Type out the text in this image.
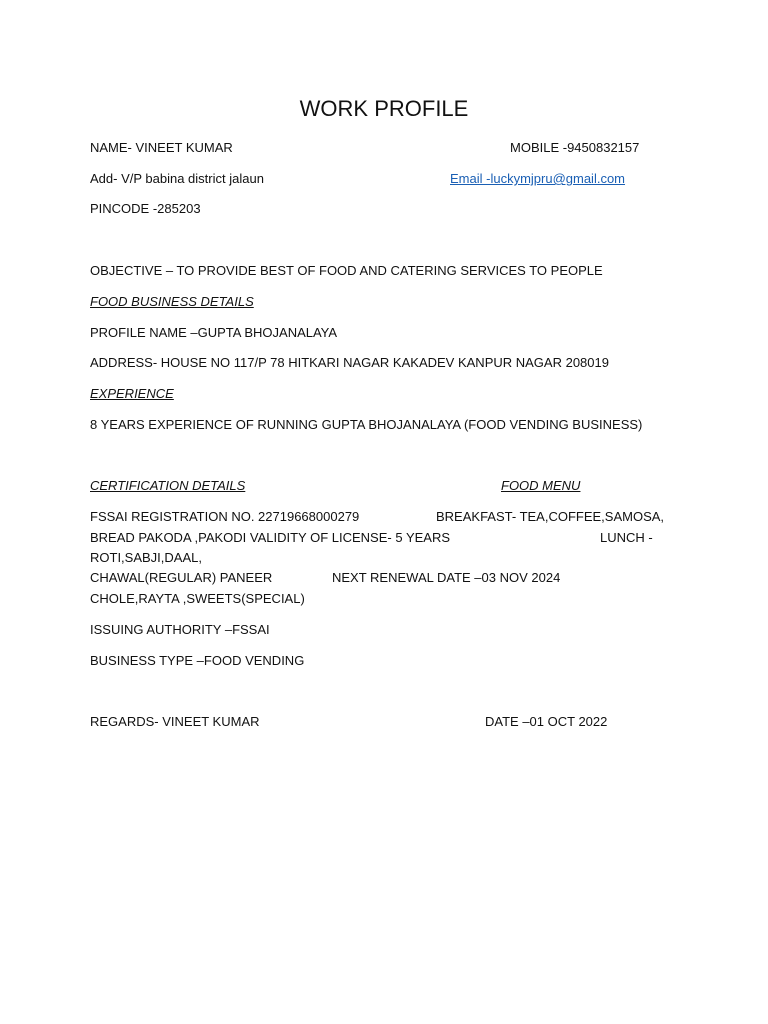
WORK PROFILE
NAME- VINEET KUMAR	MOBILE -9450832157
Add- V/P babina district jalaun	Email -luckymjpru@gmail.com
PINCODE -285203
OBJECTIVE – TO PROVIDE BEST OF FOOD AND CATERING SERVICES TO PEOPLE
FOOD BUSINESS DETAILS
PROFILE NAME –GUPTA BHOJANALAYA
ADDRESS- HOUSE NO 117/P 78 HITKARI NAGAR KAKADEV KANPUR NAGAR 208019
EXPERIENCE
8 YEARS EXPERIENCE OF RUNNING GUPTA BHOJANALAYA (FOOD VENDING BUSINESS)
CERTIFICATION DETAILS	FOOD MENU
FSSAI REGISTRATION NO. 22719668000279	BREAKFAST- TEA,COFFEE,SAMOSA,
BREAD PAKODA ,PAKODI VALIDITY OF LICENSE- 5 YEARS	LUNCH -
ROTI,SABJI,DAAL,
CHAWAL(REGULAR) PANEER	NEXT RENEWAL DATE –03 NOV 2024
CHOLE,RAYTA ,SWEETS(SPECIAL)
ISSUING AUTHORITY –FSSAI
BUSINESS TYPE –FOOD VENDING
REGARDS- VINEET KUMAR	DATE –01 OCT 2022
